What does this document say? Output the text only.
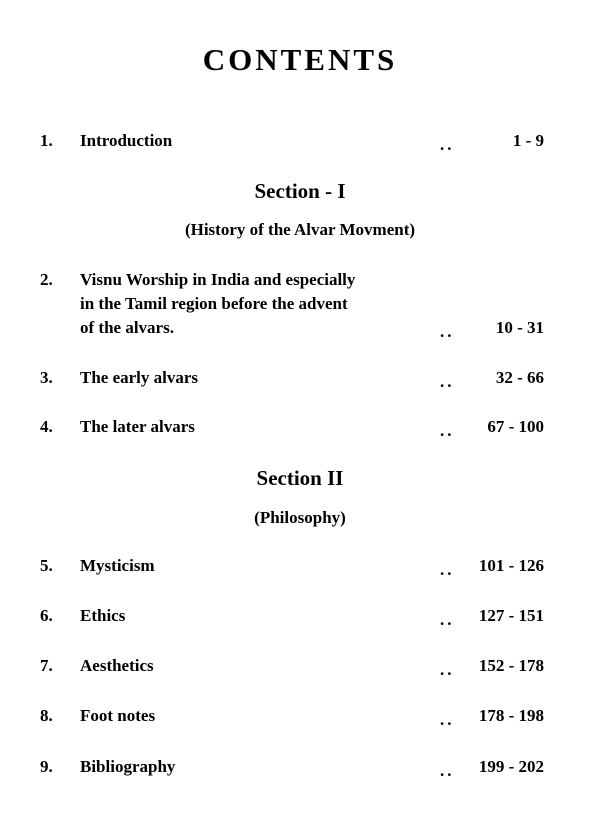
CONTENTS
1. Introduction	..	1 - 9
Section - I
(History of the Alvar Movment)
2. Visnu Worship in India and especially
in the Tamil region before the advent
of the alvars.	.. 10 - 31
3. The early alvars	.. 32 - 66
4. The later alvars	.. 67 - 100
Section II
(Philosophy)
5. Mysticism	.. 101 - 126
6. Ethics	.. 127 - 151
7. Aesthetics	.. 152 - 178
8. Foot notes	.. 178 - 198
9. Bibliography	.. 199 - 202
